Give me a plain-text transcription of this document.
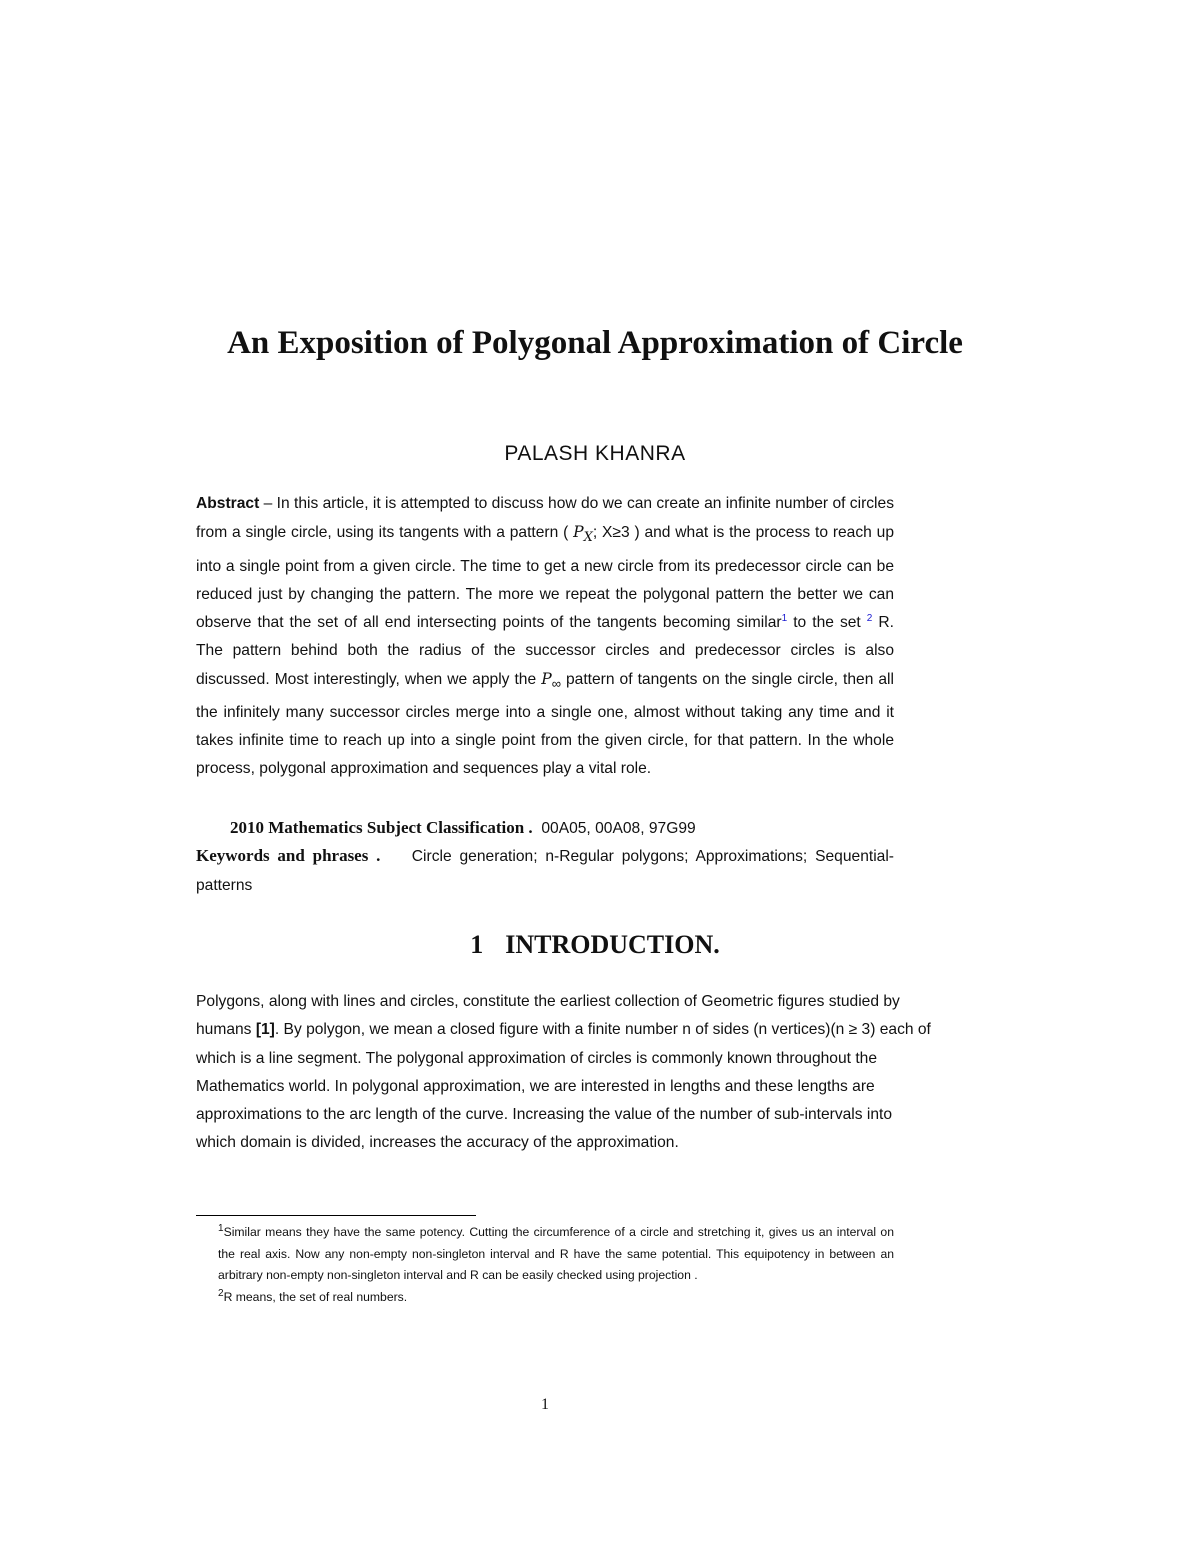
An Exposition of Polygonal Approximation of Circle
PALASH KHANRA

Abstract – In this article, it is attempted to discuss how do we can create an infinite number of circles from a single circle, using its tangents with a pattern ( $P_X$; X≥3 ) and what is the process to reach up into a single point from a given circle. The time to get a new circle from its predecessor circle can be reduced just by changing the pattern. The more we repeat the polygonal pattern the better we can observe that the set of all end intersecting points of the tangents becoming similar$^1$ to the set $^2$ R. The pattern behind both the radius of the successor circles and predecessor circles is also discussed. Most interestingly, when we apply the $P_\infty$ pattern of tangents on the single circle, then all the infinitely many successor circles merge into a single one, almost without taking any time and it takes infinite time to reach up into a single point from the given circle, for that pattern. In the whole process, polygonal approximation and sequences play a vital role.

2010 Mathematics Subject Classification . 00A05, 00A08, 97G99
Keywords and phrases . Circle generation; n-Regular polygons; Approximations; Sequential-patterns
1 INTRODUCTION.

Polygons, along with lines and circles, constitute the earliest collection of Geometric figures studied by humans [1]. By polygon, we mean a closed figure with a finite number n of sides (n vertices)(n ≥ 3) each of which is a line segment. The polygonal approximation of circles is commonly known throughout the Mathematics world. In polygonal approximation, we are interested in lengths and these lengths are approximations to the arc length of the curve. Increasing the value of the number of sub-intervals into which domain is divided, increases the accuracy of the approximation.

$^1$Similar means they have the same potency. Cutting the circumference of a circle and stretching it, gives us an interval on the real axis. Now any non-empty non-singleton interval and R have the same potential. This equipotency in between an arbitrary non-empty non-singleton interval and R can be easily checked using projection .

$^2$R means, the set of real numbers.

1
